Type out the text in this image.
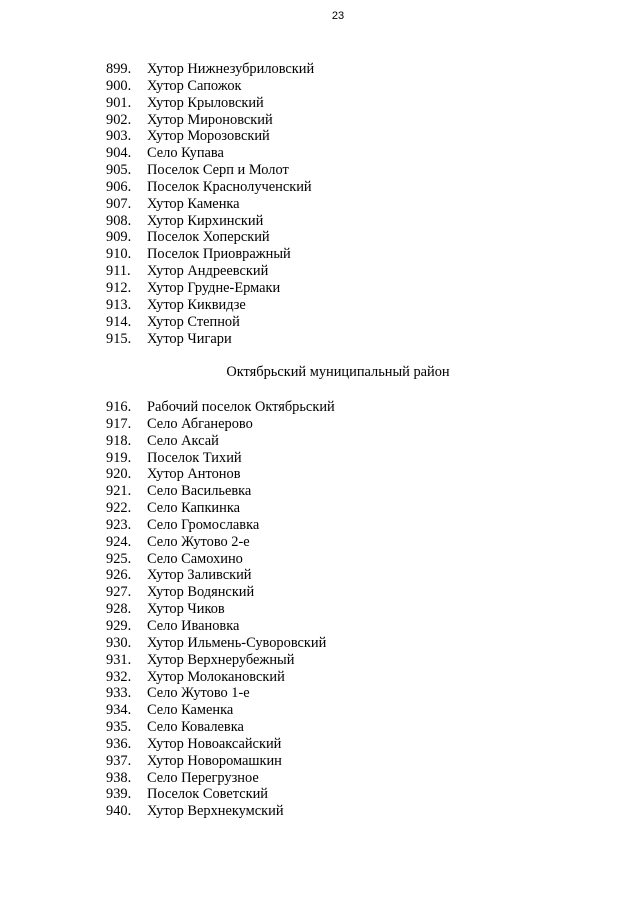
23
899. Хутор Нижнезубриловский
900. Хутор Сапожок
901. Хутор Крыловский
902. Хутор Мироновский
903. Хутор Морозовский
904. Село Купава
905. Поселок Серп и Молот
906. Поселок Краснолученский
907. Хутор Каменка
908. Хутор Кирхинский
909. Поселок Хоперский
910. Поселок Приовражный
911. Хутор Андреевский
912. Хутор Грудне-Ермаки
913. Хутор Киквидзе
914. Хутор Степной
915. Хутор Чигари
Октябрьский муниципальный район
916. Рабочий поселок Октябрьский
917. Село Абганерово
918. Село Аксай
919. Поселок Тихий
920. Хутор Антонов
921. Село Васильевка
922. Село Капкинка
923. Село Громославка
924. Село Жутово 2-е
925. Село Самохино
926. Хутор Заливский
927. Хутор Водянский
928. Хутор Чиков
929. Село Ивановка
930. Хутор Ильмень-Суворовский
931. Хутор Верхнерубежный
932. Хутор Молокановский
933. Село Жутово 1-е
934. Село Каменка
935. Село Ковалевка
936. Хутор Новоаксайский
937. Хутор Новоромашкин
938. Село Перегрузное
939. Поселок Советский
940. Хутор Верхнекумский
